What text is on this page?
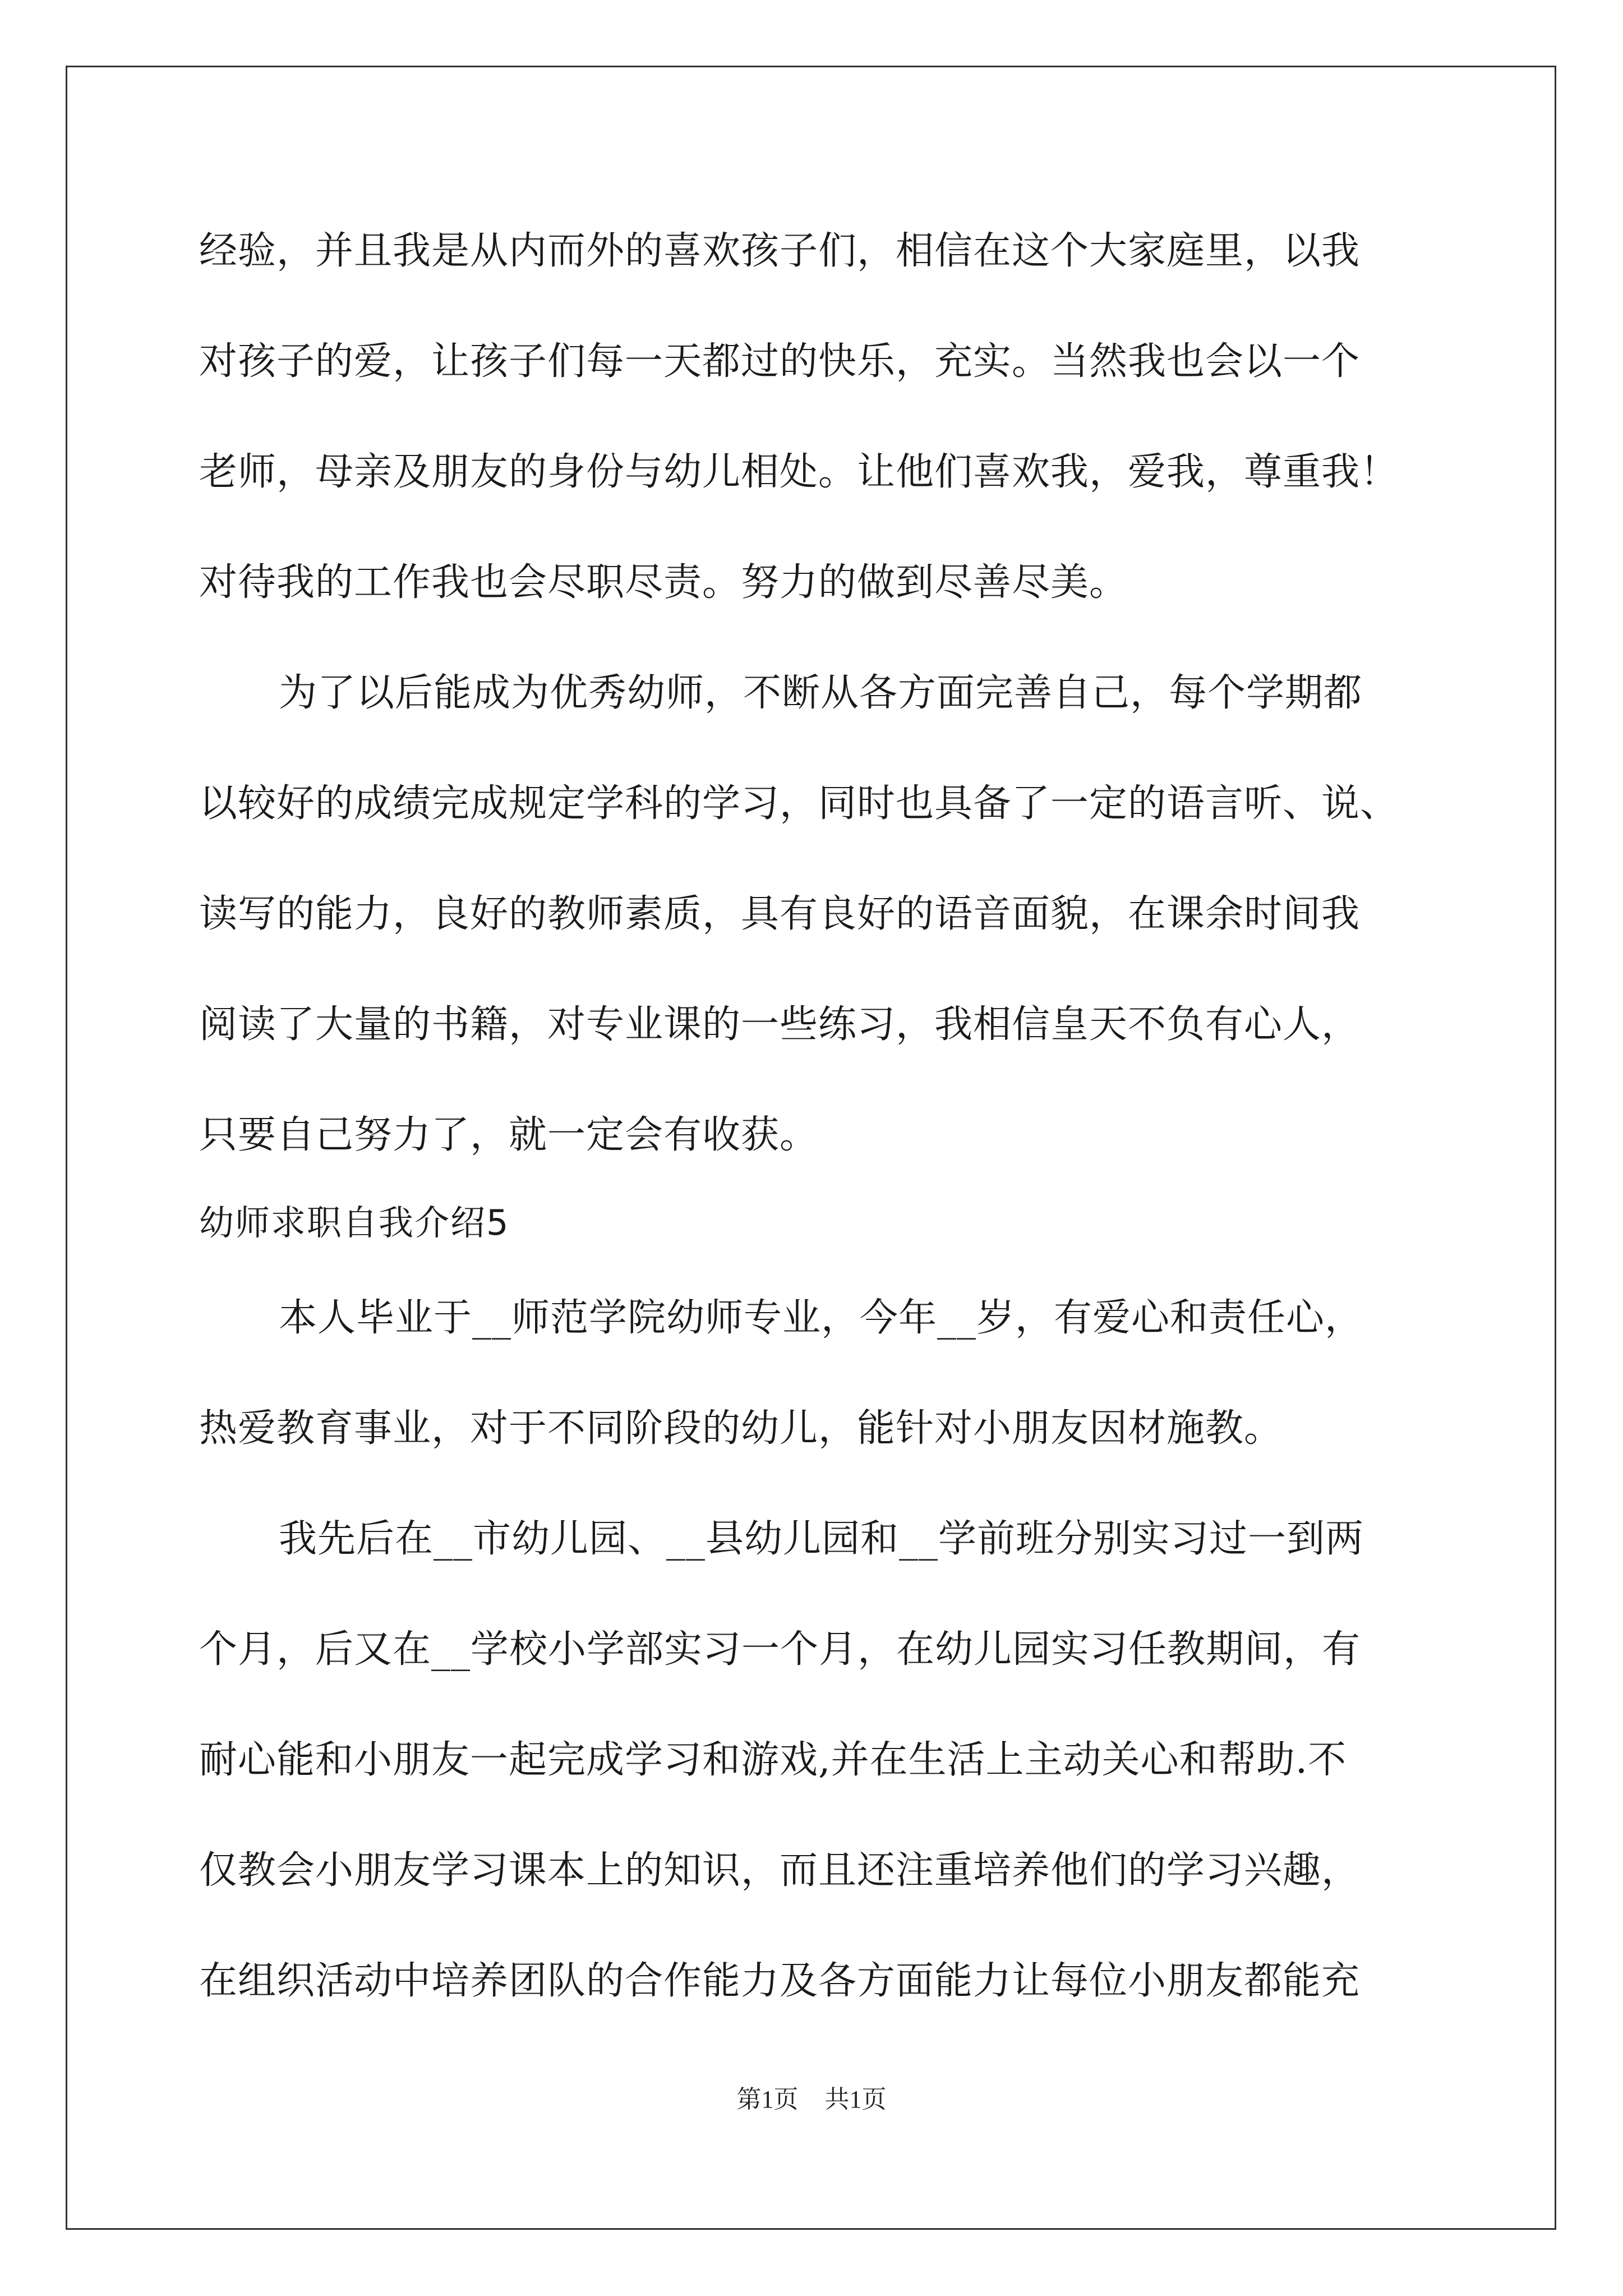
经验，并且我是从内而外的喜欢孩子们，相信在这个大家庭里，以我
对孩子的爱，让孩子们每一天都过的快乐，充实。当然我也会以一个
老师，母亲及朋友的身份与幼儿相处。让他们喜欢我，爱我，尊重我！
对待我的工作我也会尽职尽责。努力的做到尽善尽美。
为了以后能成为优秀幼师，不断从各方面完善自己，每个学期都
以较好的成绩完成规定学科的学习，同时也具备了一定的语言听、说、
读写的能力，良好的教师素质，具有良好的语音面貌，在课余时间我
阅读了大量的书籍，对专业课的一些练习，我相信皇天不负有心人，
只要自己努力了，就一定会有收获。
幼师求职自我介绍5
本人毕业于__师范学院幼师专业，今年__岁，有爱心和责任心，
热爱教育事业，对于不同阶段的幼儿，能针对小朋友因材施教。
我先后在__市幼儿园、__县幼儿园和__学前班分别实习过一到两
个月，后又在__学校小学部实习一个月，在幼儿园实习任教期间，有
耐心能和小朋友一起完成学习和游戏,并在生活上主动关心和帮助.不
仅教会小朋友学习课本上的知识，而且还注重培养他们的学习兴趣，
在组织活动中培养团队的合作能力及各方面能力让每位小朋友都能充
第1页 共1页
